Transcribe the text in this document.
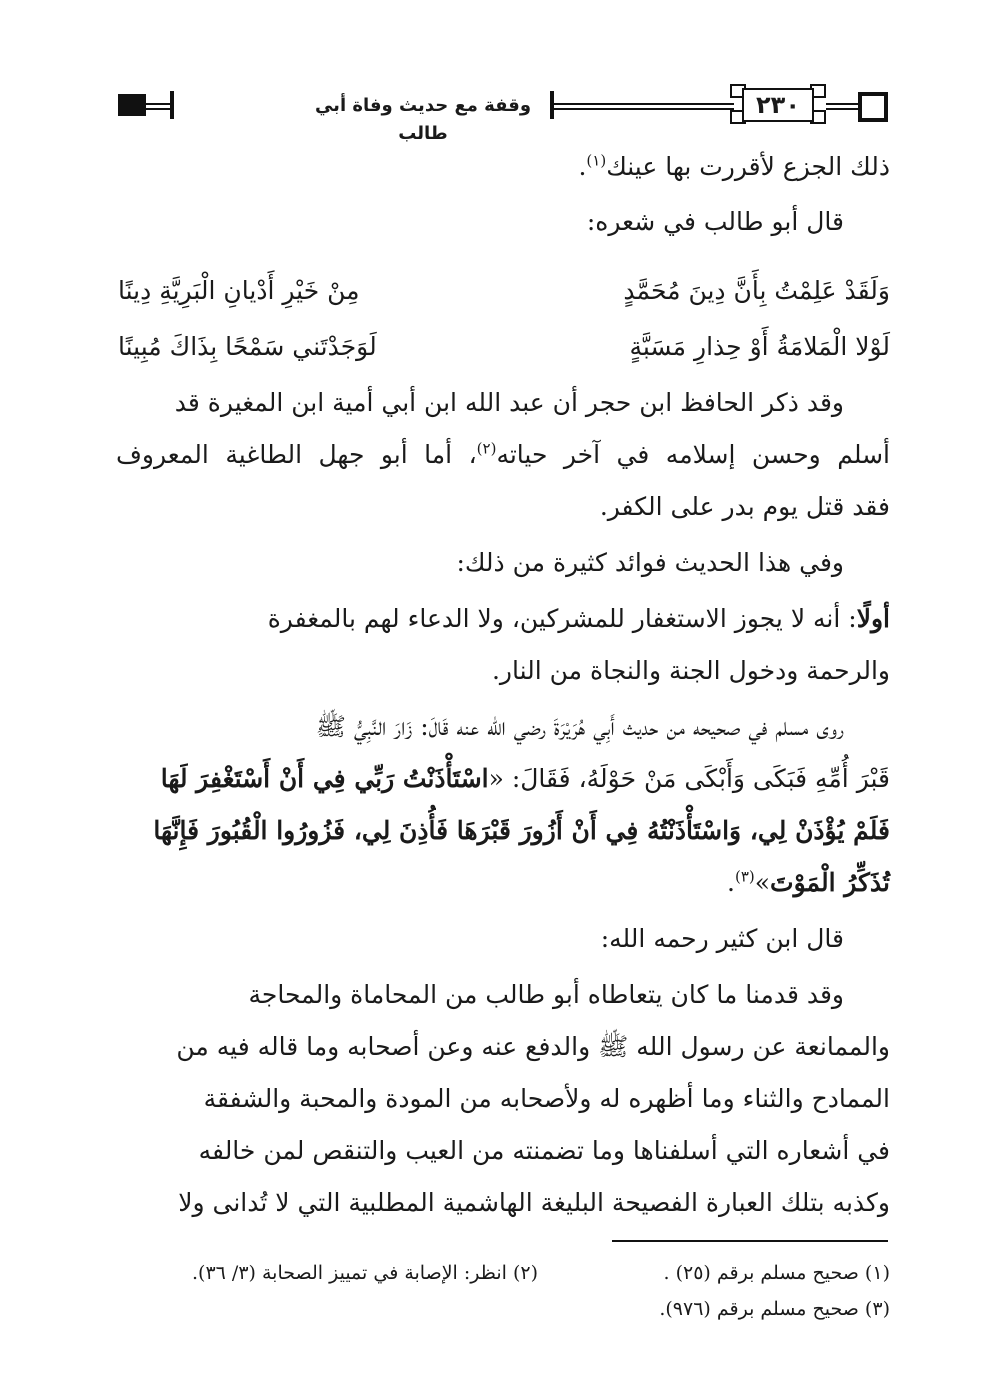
وقفة مع حديث وفاة أبي طالب
٢٣٠
ذلك الجزع لأقررت بها عينك$^{(١)}$.
قال أبو طالب في شعره:
وَلَقَدْ عَلِمْتُ بِأَنَّ دِينَ مُحَمَّدٍ
مِنْ خَيْرِ أَدْيانِ الْبَرِيَّةِ دِينًا
لَوْلا الْمَلامَةُ أَوْ حِذارِ مَسَبَّةٍ
لَوَجَدْتَني سَمْحًا بِذَاكَ مُبِينًا
وقد ذكر الحافظ ابن حجر أن عبد الله ابن أبي أمية ابن المغيرة قد
أسلم وحسن إسلامه في آخر حياته$^{(٢)}$، أما أبو جهل الطاغية المعروف
فقد قتل يوم بدر على الكفر.
وفي هذا الحديث فوائد كثيرة من ذلك:
أولًا: أنه لا يجوز الاستغفار للمشركين، ولا الدعاء لهم بالمغفرة
والرحمة ودخول الجنة والنجاة من النار.
روى مسلم في صحيحه من حديث أَبِي هُرَيْرَةَ رضي الله عنه قَالَ: زَارَ النَّبِيُّ ﷺ
قَبْرَ أُمِّهِ فَبَكَى وَأَبْكَى مَنْ حَوْلَهُ، فَقَالَ: «اسْتَأْذَنْتُ رَبِّي فِي أَنْ أَسْتَغْفِرَ لَهَا
فَلَمْ يُؤْذَنْ لِي، وَاسْتَأْذَنْتُهُ فِي أَنْ أَزُورَ قَبْرَهَا فَأُذِنَ لِي، فَزُورُوا الْقُبُورَ فَإِنَّهَا
تُذَكِّرُ الْمَوْتَ»$^{(٣)}$.
قال ابن كثير رحمه الله:
وقد قدمنا ما كان يتعاطاه أبو طالب من المحاماة والمحاجة
والممانعة عن رسول الله ﷺ والدفع عنه وعن أصحابه وما قاله فيه من
الممادح والثناء وما أظهره له ولأصحابه من المودة والمحبة والشفقة
في أشعاره التي أسلفناها وما تضمنته من العيب والتنقص لمن خالفه
وكذبه بتلك العبارة الفصيحة البليغة الهاشمية المطلبية التي لا تُدانى ولا
(١) صحيح مسلم برقم (٢٥) .
(٢) انظر: الإصابة في تمييز الصحابة (٣/ ٣٦).
(٣) صحيح مسلم برقم (٩٧٦).
